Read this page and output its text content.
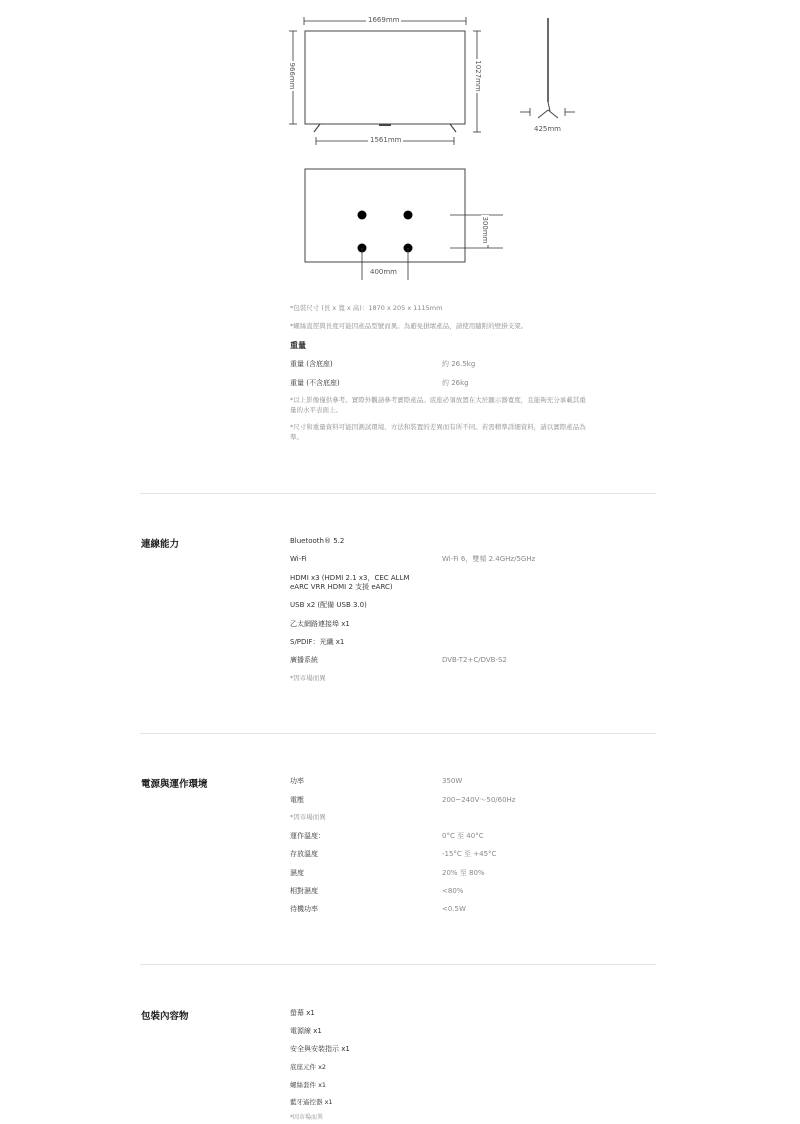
1669mm
1561mm
966mm	1027mm
425mm
400mm
300mm
*包裝尺寸 (長 x 寬 x 高)：1870 x 205 x 1115mm
*螺絲直徑與長度可能因產品型號而異。為避免損壞產品，請使用隨附的壁掛支架。
重量
重量 (含底座)	約 26.5kg
重量 (不含底座)	約 26kg
*以上影像僅供參考。實際外觀請參考實際產品。底座必須放置在大於顯示器寬度，且能夠充分承載其重量的水平表面上。
*尺寸和重量資料可能因測試環境、方法和裝置的差異而有所不同。若需精準詳細資料，請以實際產品為準。
連線能力	Bluetooth® 5.2
Wi-Fi	Wi-Fi 6，雙頻 2.4GHz/5GHz
HDMI x3 (HDMI 2.1 x3，CEC ALLM
eARC VRR HDMI 2 支援 eARC)
USB x2 (配備 USB 3.0)
乙太網路連接埠 x1
S/PDIF：光纖 x1
廣播系統	DVB-T2+C/DVB-S2
*因市場而異
電源與運作環境	功率	350W
電壓	200~240V～50/60Hz
*因市場而異
運作溫度：	0°C 至 40°C
存放溫度	-15°C 至 +45°C
濕度	20% 至 80%
相對濕度	<80%
待機功率	<0.5W
包裝內容物	螢幕 x1
電源線 x1
安全與安裝指示 x1
底座元件 x2
螺絲套件 x1
藍牙遙控器 x1
*因市場而異
